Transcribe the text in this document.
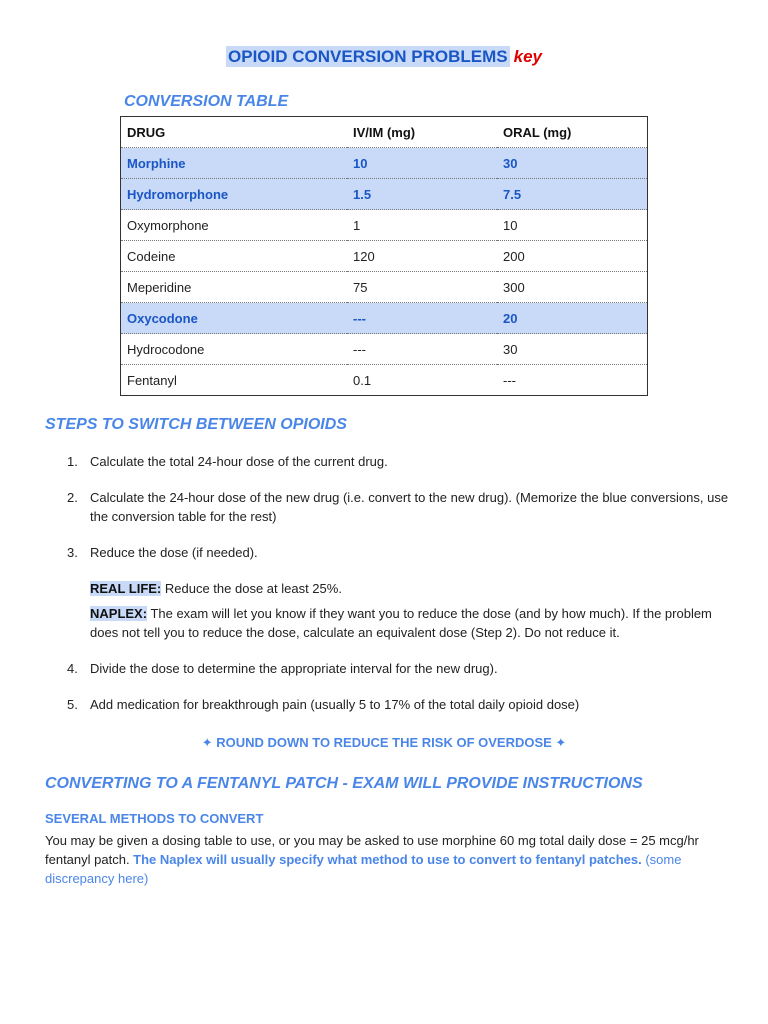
OPIOID CONVERSION PROBLEMS key
CONVERSION TABLE
DRUG	IV/IM (mg)	ORAL (mg)
Morphine	10	30
Hydromorphone	1.5	7.5
Oxymorphone	1	10
Codeine	120	200
Meperidine	75	300
Oxycodone	---	20
Hydrocodone	---	30
Fentanyl	0.1	---
STEPS TO SWITCH BETWEEN OPIOIDS
1. Calculate the total 24-hour dose of the current drug.
2. Calculate the 24-hour dose of the new drug (i.e. convert to the new drug). (Memorize the blue conversions, use the conversion table for the rest)
3. Reduce the dose (if needed).

REAL LIFE: Reduce the dose at least 25%.

NAPLEX: The exam will let you know if they want you to reduce the dose (and by how much). If the problem does not tell you to reduce the dose, calculate an equivalent dose (Step 2). Do not reduce it.

4. Divide the dose to determine the appropriate interval for the new drug).
5. Add medication for breakthrough pain (usually 5 to 17% of the total daily opioid dose)
✦ ROUND DOWN TO REDUCE THE RISK OF OVERDOSE ✦
CONVERTING TO A FENTANYL PATCH - EXAM WILL PROVIDE INSTRUCTIONS
SEVERAL METHODS TO CONVERT
You may be given a dosing table to use, or you may be asked to use morphine 60 mg total daily dose = 25 mcg/hr fentanyl patch. The Naplex will usually specify what method to use to convert to fentanyl patches. (some discrepancy here)
